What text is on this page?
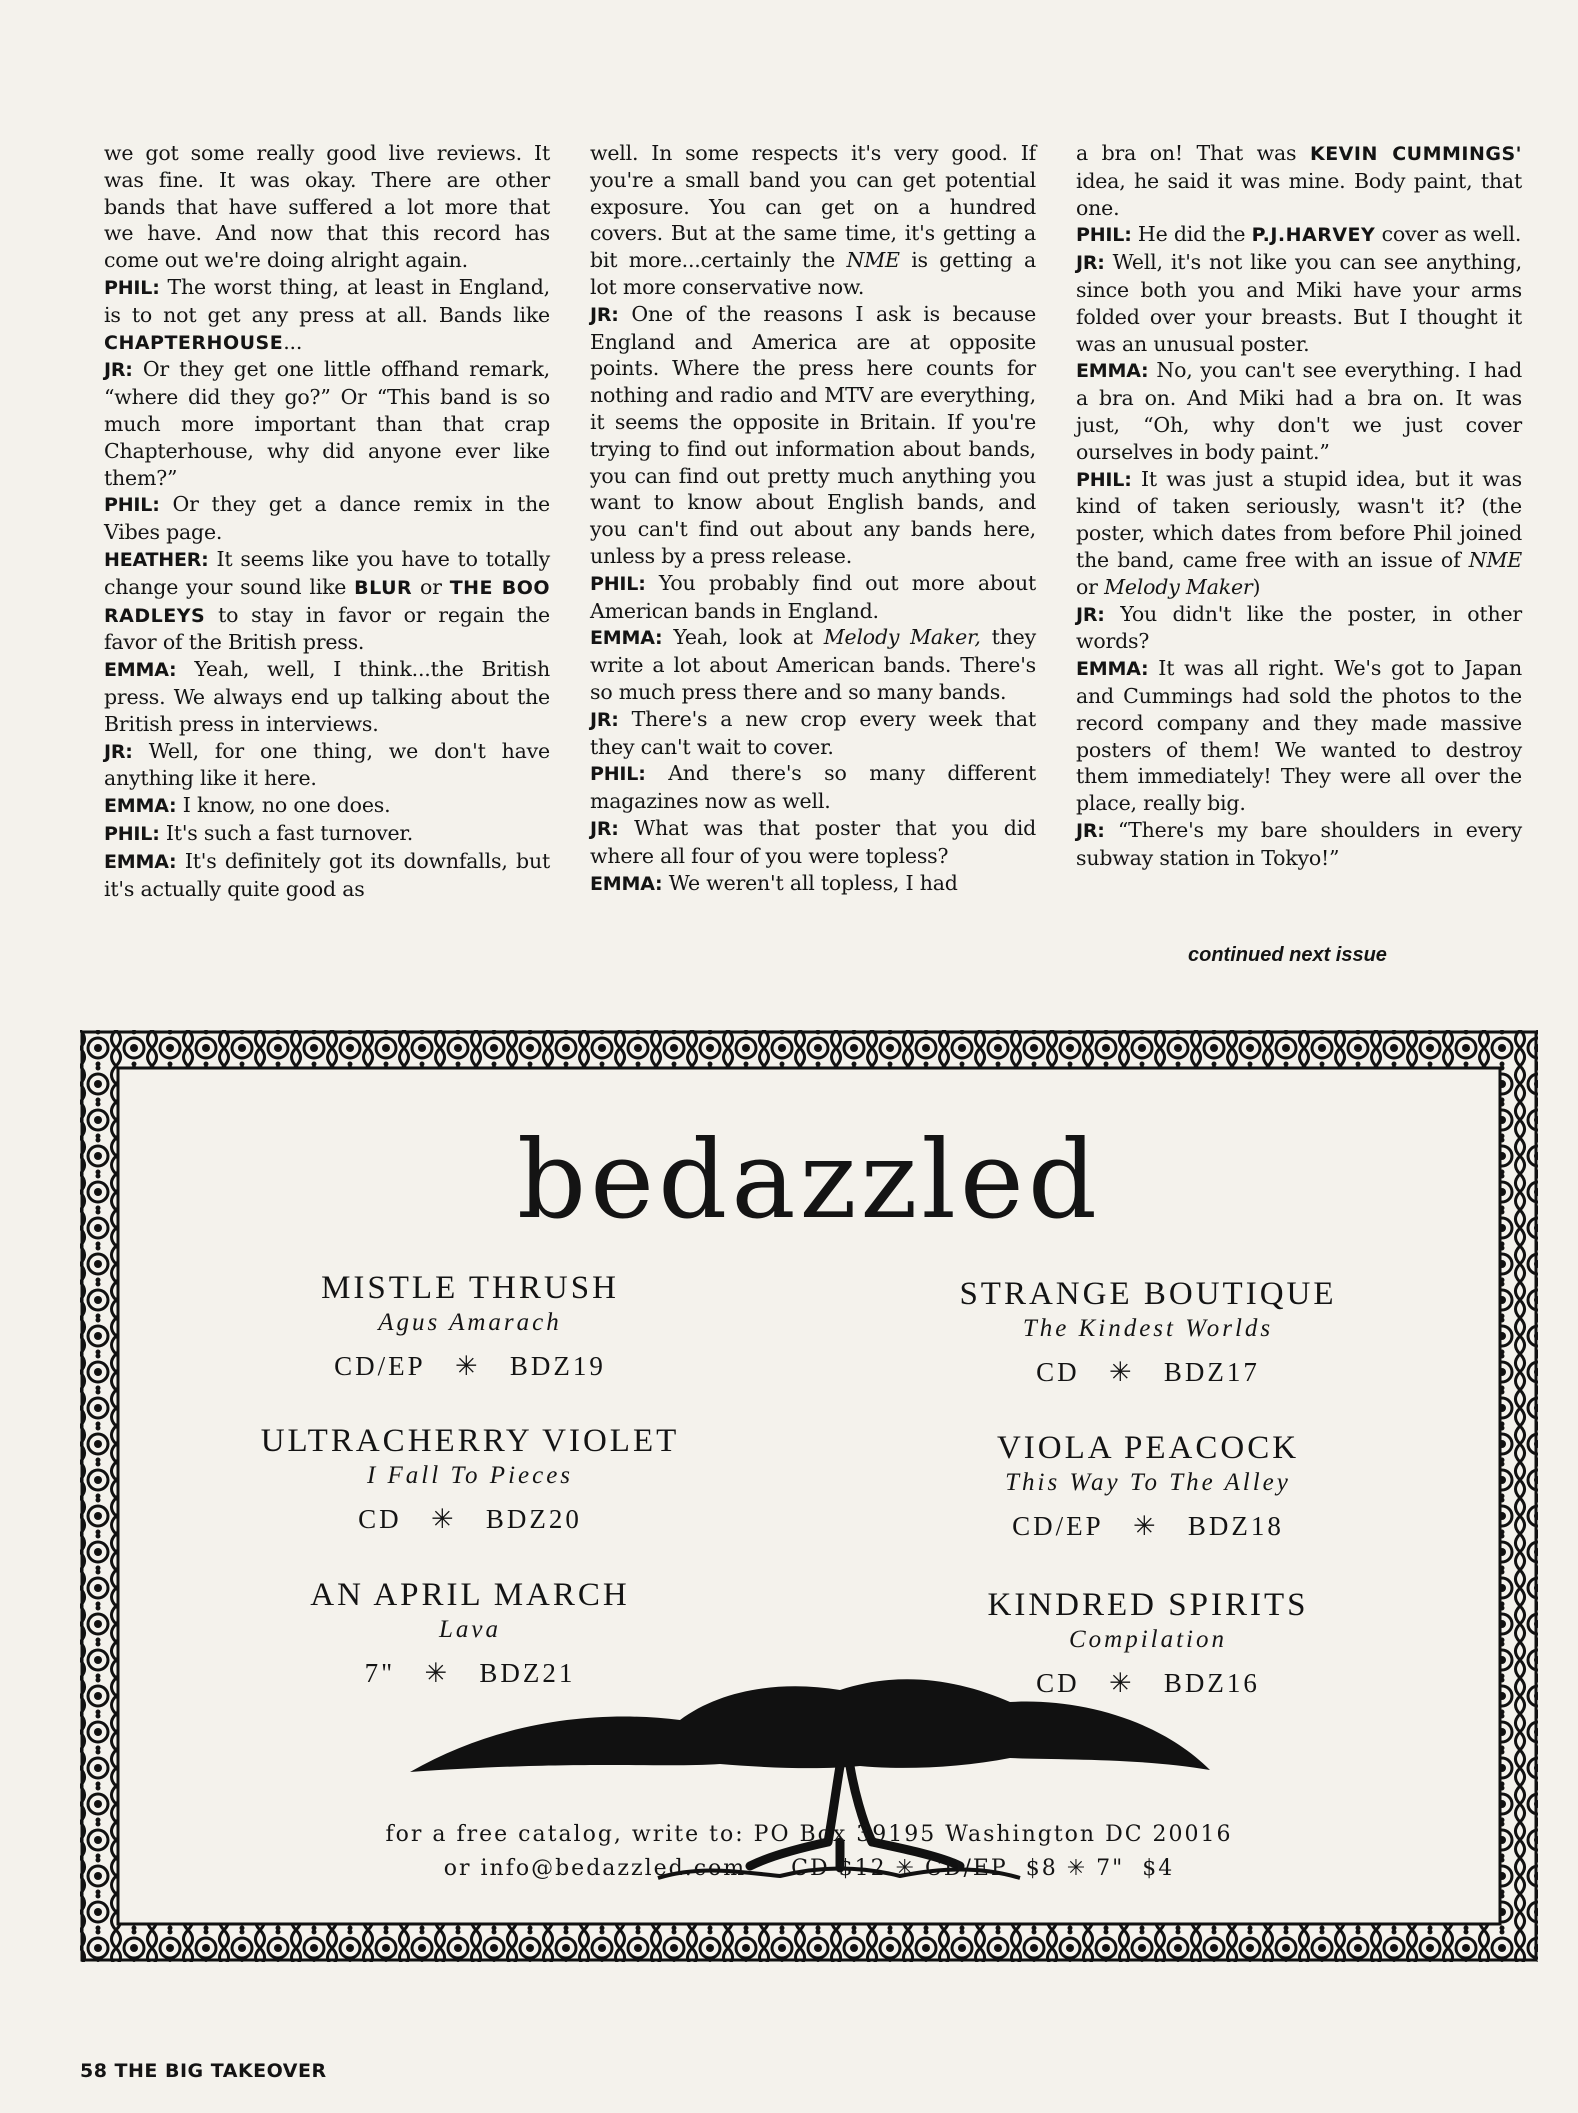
we got some really good live reviews. It was fine. It was okay. There are other bands that have suffered a lot more that we have. And now that this record has come out we're doing alright again.

PHIL: The worst thing, at least in England, is to not get any press at all. Bands like CHAPTERHOUSE...

JR: Or they get one little offhand remark, “where did they go?” Or “This band is so much more important than that crap Chapterhouse, why did anyone ever like them?”

PHIL: Or they get a dance remix in the Vibes page.

HEATHER: It seems like you have to totally change your sound like BLUR or THE BOO RADLEYS to stay in favor or regain the favor of the British press.

EMMA: Yeah, well, I think...the British press. We always end up talking about the British press in interviews.

JR: Well, for one thing, we don't have anything like it here.

EMMA: I know, no one does.

PHIL: It's such a fast turnover.

EMMA: It's definitely got its downfalls, but it's actually quite good as

well. In some respects it's very good. If you're a small band you can get potential exposure. You can get on a hundred covers. But at the same time, it's getting a bit more...certainly the NME is getting a lot more conservative now.

JR: One of the reasons I ask is because England and America are at opposite points. Where the press here counts for nothing and radio and MTV are everything, it seems the opposite in Britain. If you're trying to find out information about bands, you can find out pretty much anything you want to know about English bands, and you can't find out about any bands here, unless by a press release.

PHIL: You probably find out more about American bands in England.

EMMA: Yeah, look at Melody Maker, they write a lot about American bands. There's so much press there and so many bands.

JR: There's a new crop every week that they can't wait to cover.

PHIL: And there's so many different magazines now as well.

JR: What was that poster that you did where all four of you were topless?

EMMA: We weren't all topless, I had

a bra on! That was KEVIN CUMMINGS' idea, he said it was mine. Body paint, that one.

PHIL: He did the P.J.HARVEY cover as well.

JR: Well, it's not like you can see anything, since both you and Miki have your arms folded over your breasts. But I thought it was an unusual poster.

EMMA: No, you can't see everything. I had a bra on. And Miki had a bra on. It was just, “Oh, why don't we just cover ourselves in body paint.”

PHIL: It was just a stupid idea, but it was kind of taken seriously, wasn't it? (the poster, which dates from before Phil joined the band, came free with an issue of NME or Melody Maker)

JR: You didn't like the poster, in other words?

EMMA: It was all right. We's got to Japan and Cummings had sold the photos to the record company and they made massive posters of them! We wanted to destroy them immediately! They were all over the place, really big.

JR: “There's my bare shoulders in every subway station in Tokyo!”

continued next issue
bedazzled
MISTLE THRUSH
Agus Amarach
CD/EP ✳ BDZ19
ULTRACHERRY VIOLET
I Fall To Pieces
CD ✳ BDZ20
AN APRIL MARCH
Lava
7" ✳ BDZ21
STRANGE BOUTIQUE
The Kindest Worlds
CD ✳ BDZ17
VIOLA PEACOCK
This Way To The Alley
CD/EP ✳ BDZ18
KINDRED SPIRITS
Compilation
CD ✳ BDZ16
for a free catalog, write to: PO Box 39195 Washington DC 20016
or info@bedazzled.com     CD $12 ✳ CD/EP  $8 ✳ 7"  $4
58 THE BIG TAKEOVER
